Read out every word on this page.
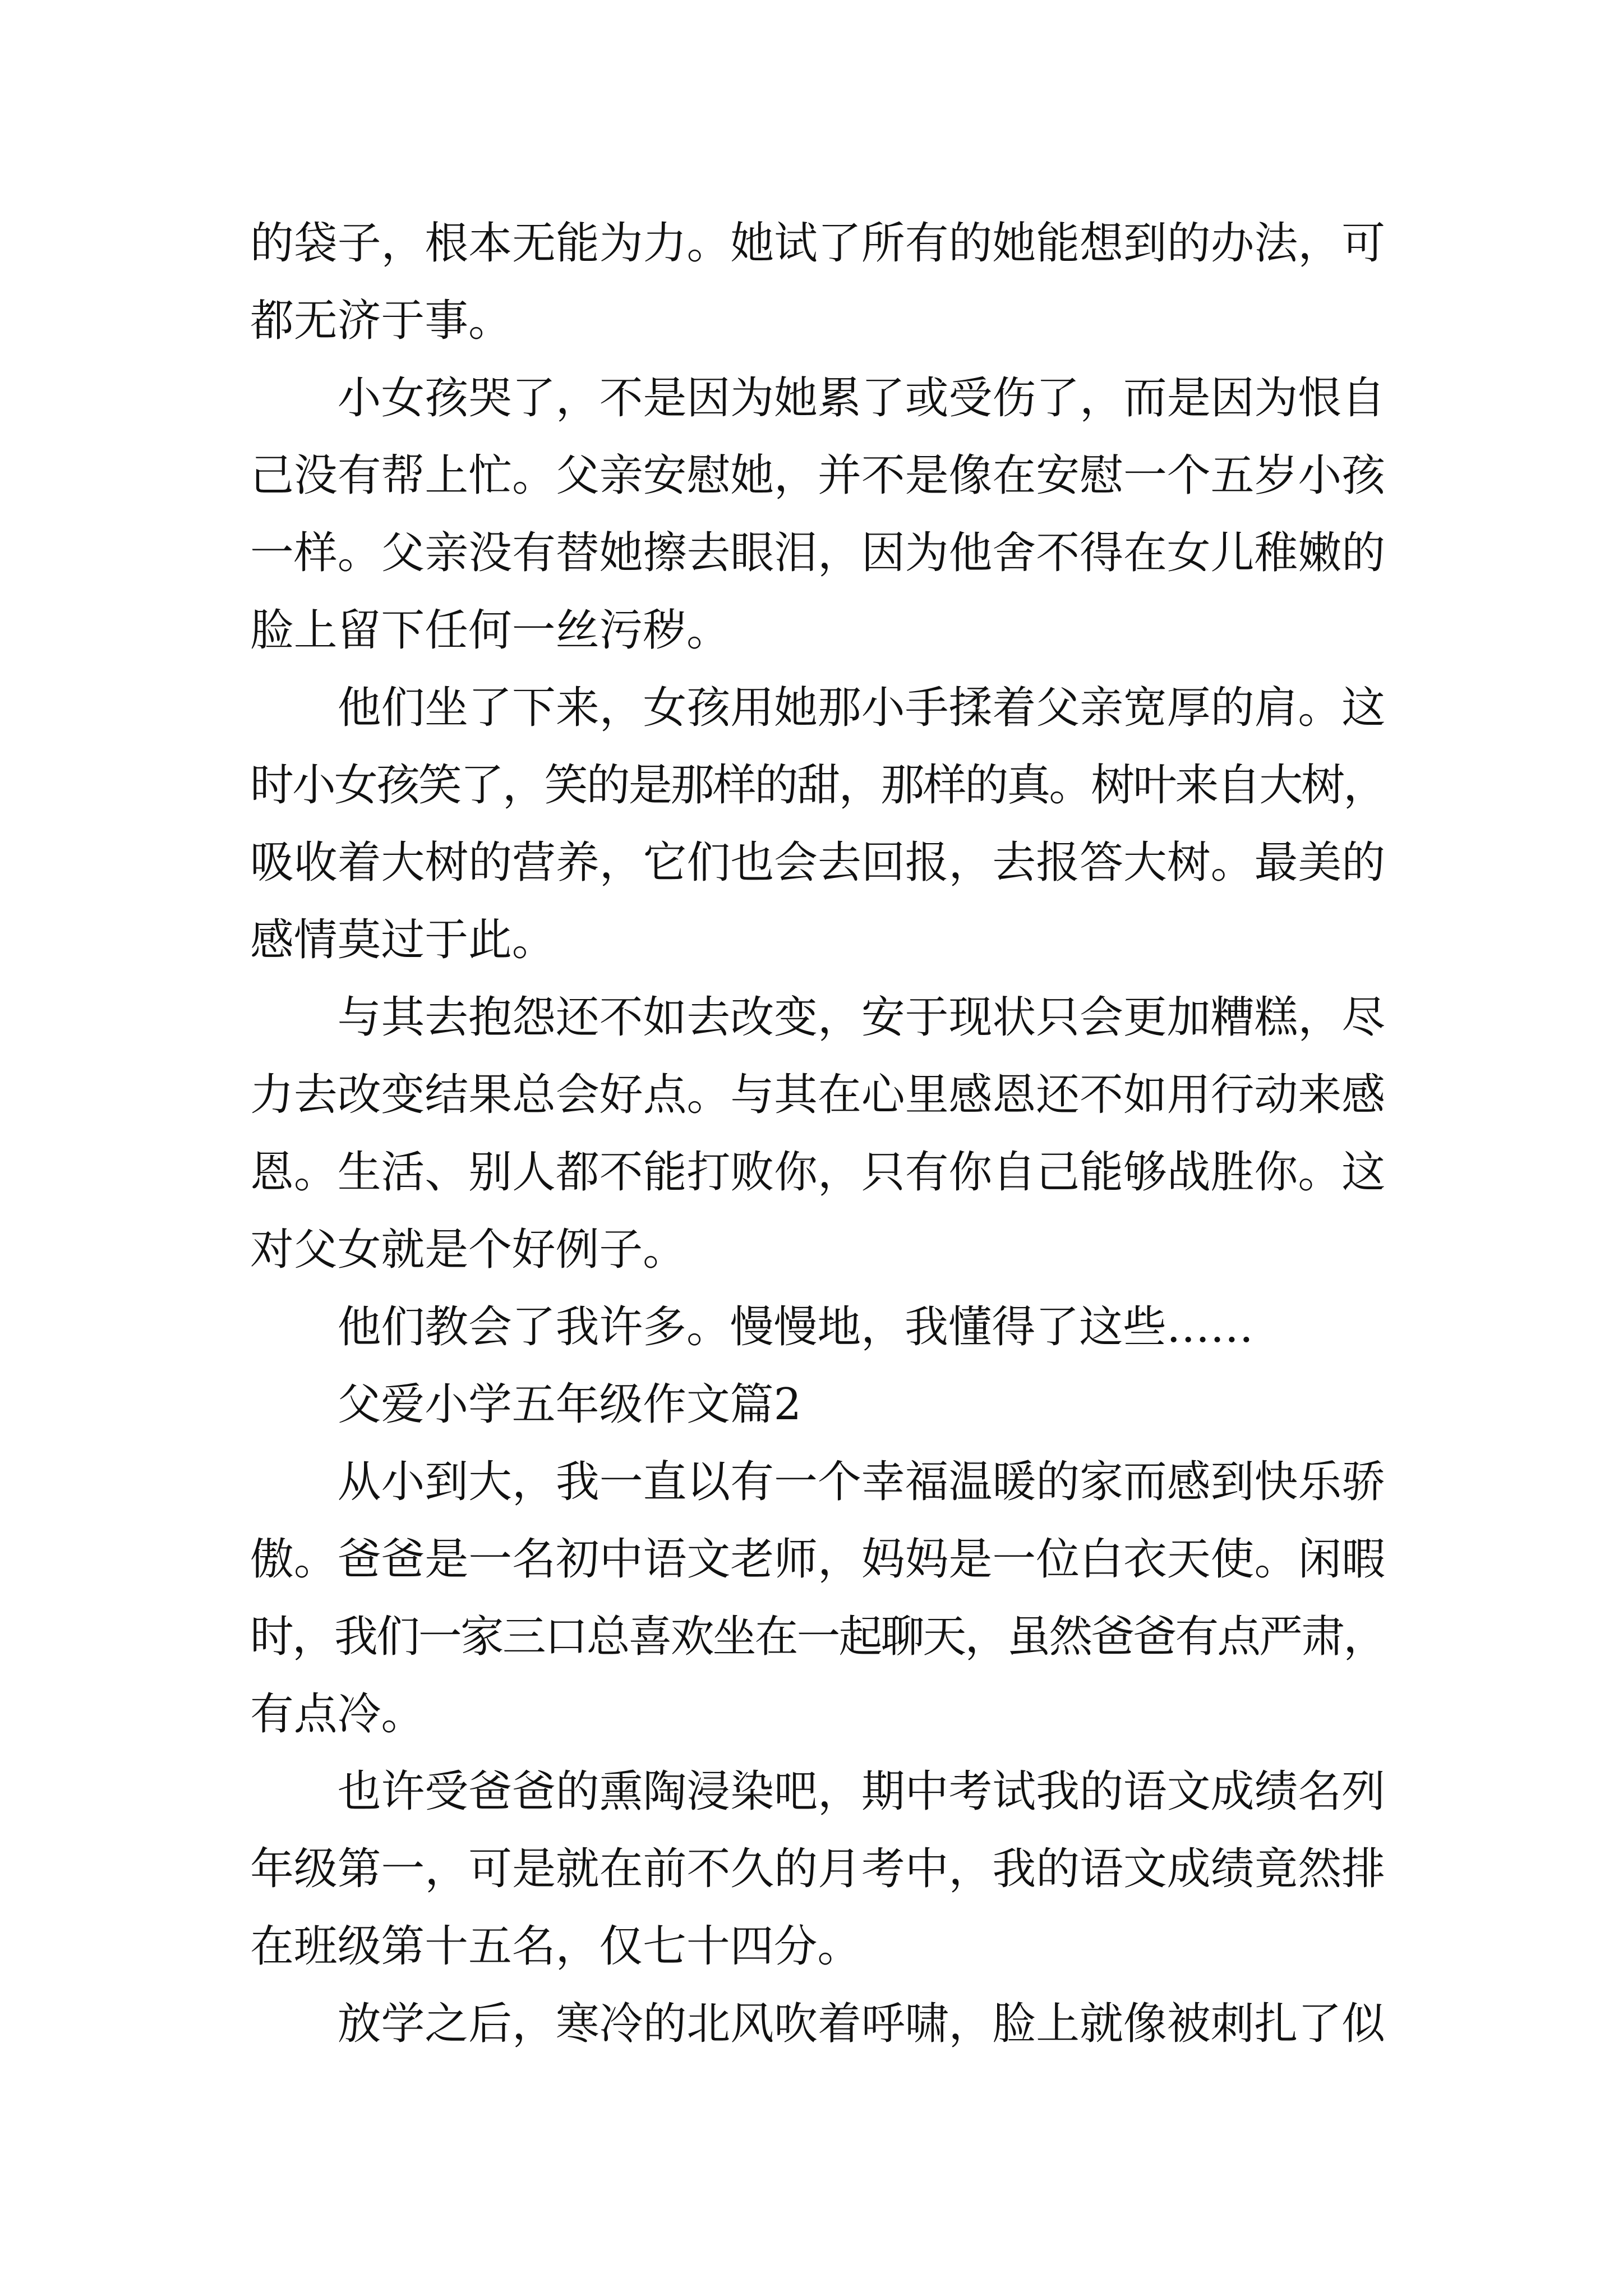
的袋子，根本无能为力。她试了所有的她能想到的办法，可
都无济于事。
小女孩哭了，不是因为她累了或受伤了，而是因为恨自
己没有帮上忙。父亲安慰她，并不是像在安慰一个五岁小孩
一样。父亲没有替她擦去眼泪，因为他舍不得在女儿稚嫩的
脸上留下任何一丝污秽。
他们坐了下来，女孩用她那小手揉着父亲宽厚的肩。这
时小女孩笑了，笑的是那样的甜，那样的真。树叶来自大树，
吸收着大树的营养，它们也会去回报，去报答大树。最美的
感情莫过于此。
与其去抱怨还不如去改变，安于现状只会更加糟糕，尽
力去改变结果总会好点。与其在心里感恩还不如用行动来感
恩。生活、别人都不能打败你，只有你自己能够战胜你。这
对父女就是个好例子。
他们教会了我许多。慢慢地，我懂得了这些……
父爱小学五年级作文篇2
从小到大，我一直以有一个幸福温暖的家而感到快乐骄
傲。爸爸是一名初中语文老师，妈妈是一位白衣天使。闲暇
时，我们一家三口总喜欢坐在一起聊天，虽然爸爸有点严肃，
有点冷。
也许受爸爸的熏陶浸染吧，期中考试我的语文成绩名列
年级第一，可是就在前不久的月考中，我的语文成绩竟然排
在班级第十五名，仅七十四分。
放学之后，寒冷的北风吹着呼啸，脸上就像被刺扎了似
